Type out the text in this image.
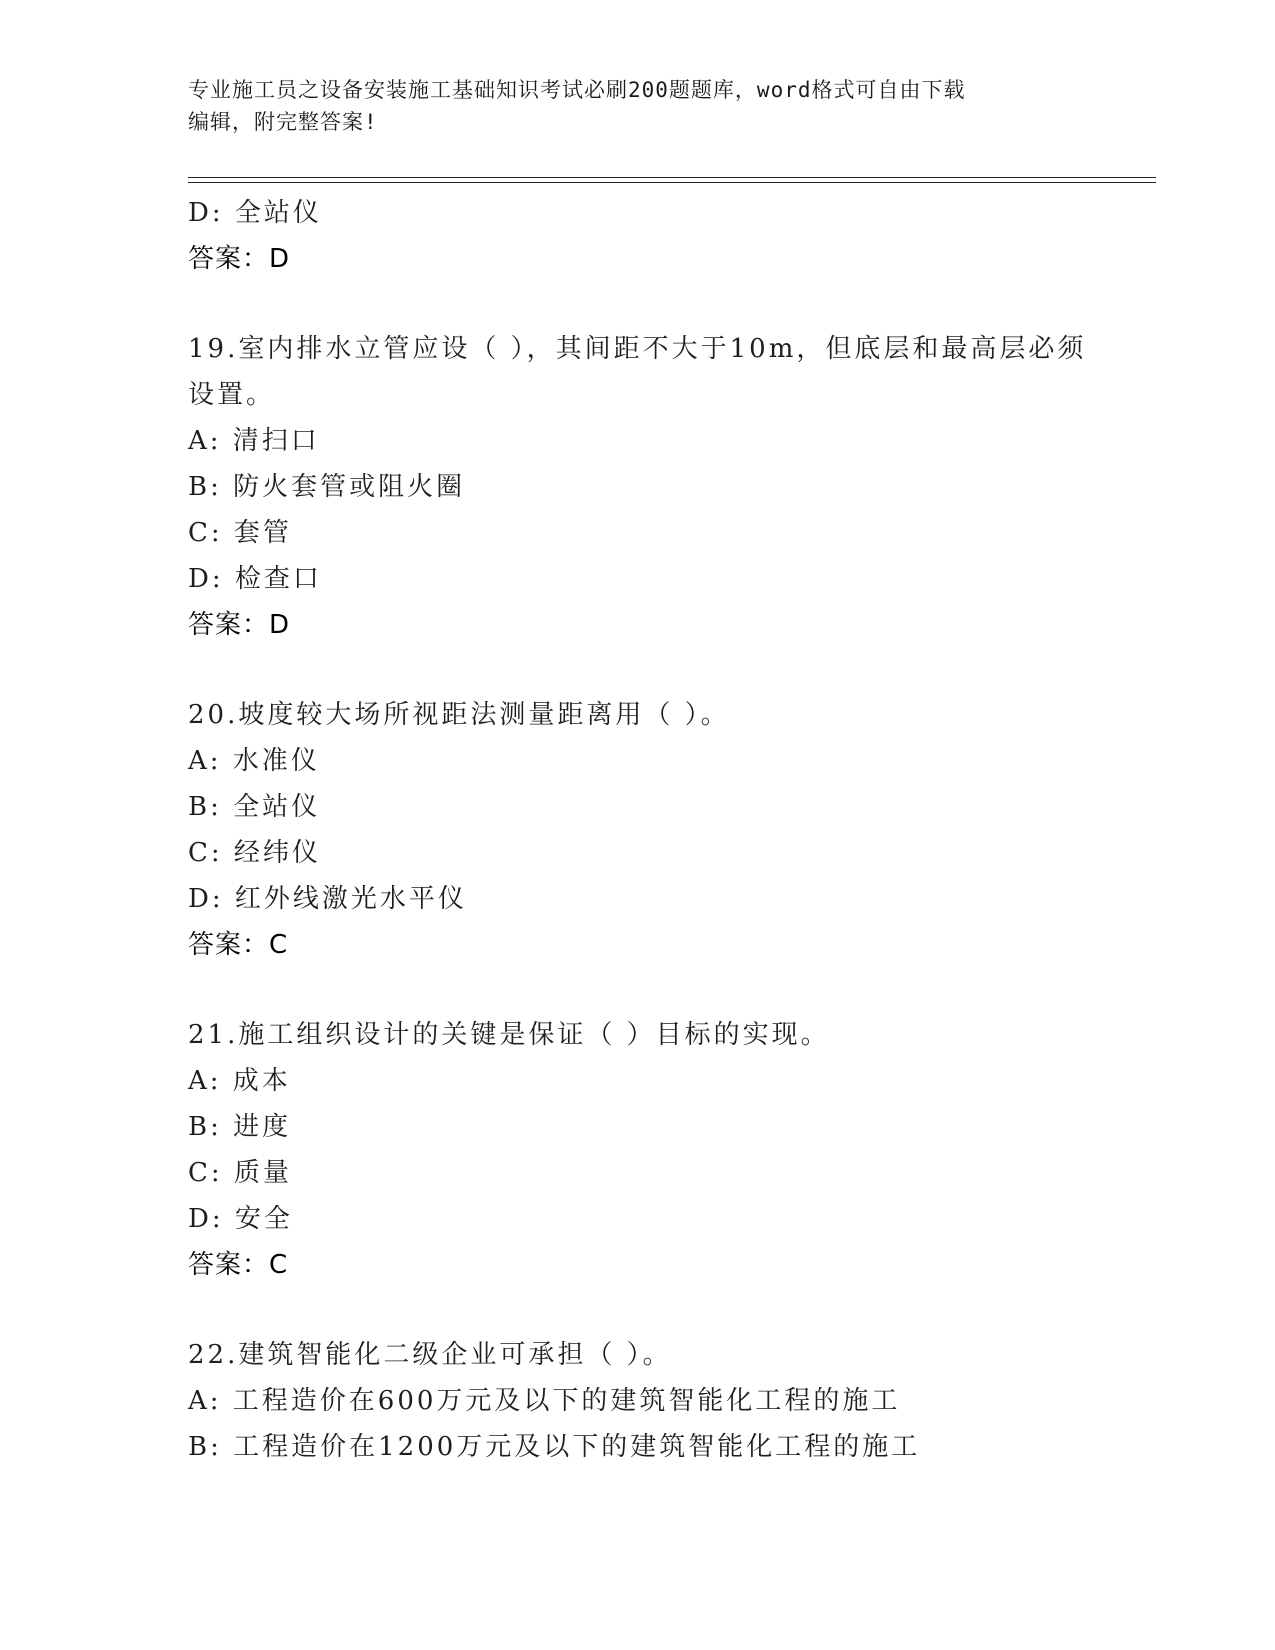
专业施工员之设备安装施工基础知识考试必刷200题题库，word格式可自由下载
编辑，附完整答案!
D: 全站仪
答案：D
19.室内排水立管应设（ ），其间距不大于10m，但底层和最高层必须
设置。
A: 清扫口
B: 防火套管或阻火圈
C: 套管
D: 检查口
答案：D
20.坡度较大场所视距法测量距离用（ ）。
A: 水准仪
B: 全站仪
C: 经纬仪
D: 红外线激光水平仪
答案：C
21.施工组织设计的关键是保证（ ）目标的实现。
A: 成本
B: 进度
C: 质量
D: 安全
答案：C
22.建筑智能化二级企业可承担（ ）。
A: 工程造价在600万元及以下的建筑智能化工程的施工
B: 工程造价在1200万元及以下的建筑智能化工程的施工
